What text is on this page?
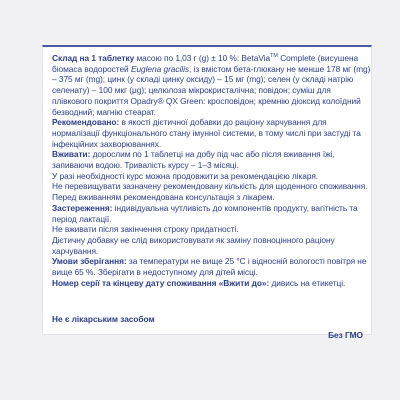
Склад на 1 таблетку масою по 1,03 г (g) ± 10 %: BetaVia™ Complete (висушена
біомаса водоростей Euglena gracilis, із вмістом бета-глюкану не менше 178 мг (mg)
– 375 мг (mg); цинк (у складі цинку оксиду) – 15 мг (mg); селен (у складі натрію
селенату) – 100 мкг (μg); целюлоза мікрокристалічна; повідон; суміш для
плівкового покриття Opadry® QX Green: кросповідон; кремнію діоксид колоїдний
безводний; магнію стеарат.
Рекомендовано: в якості дієтичної добавки до раціону харчування для
нормалізації функціонального стану імунної системи, в тому числі при застуді та
інфекційних захворюваннях.
Вживати: дорослим по 1 таблетці на добу під час або після вживання їжі,
запиваючи водою. Тривалість курсу – 1–3 місяці.
У разі необхідності курс можна продовжити за рекомендацією лікаря.
Не перевищувати зазначену рекомендовану кількість для щоденного споживання.
Перед вживанням рекомендована консультація з лікарем.
Застереження: індивідуальна чутливість до компонентів продукту, вагітність та
період лактації.
Не вживати після закінчення строку придатності.
Дієтичну добавку не слід використовувати як заміну повноцінного раціону
харчування.
Умови зберігання: за температури не вище 25 °C і відносній вологості повітря не
вище 65 %. Зберігати в недоступному для дітей місці.
Номер серії та кінцеву дату споживання «Вжити до»: дивись на етикетці.
Не є лікарським засобом
Без ГМО
